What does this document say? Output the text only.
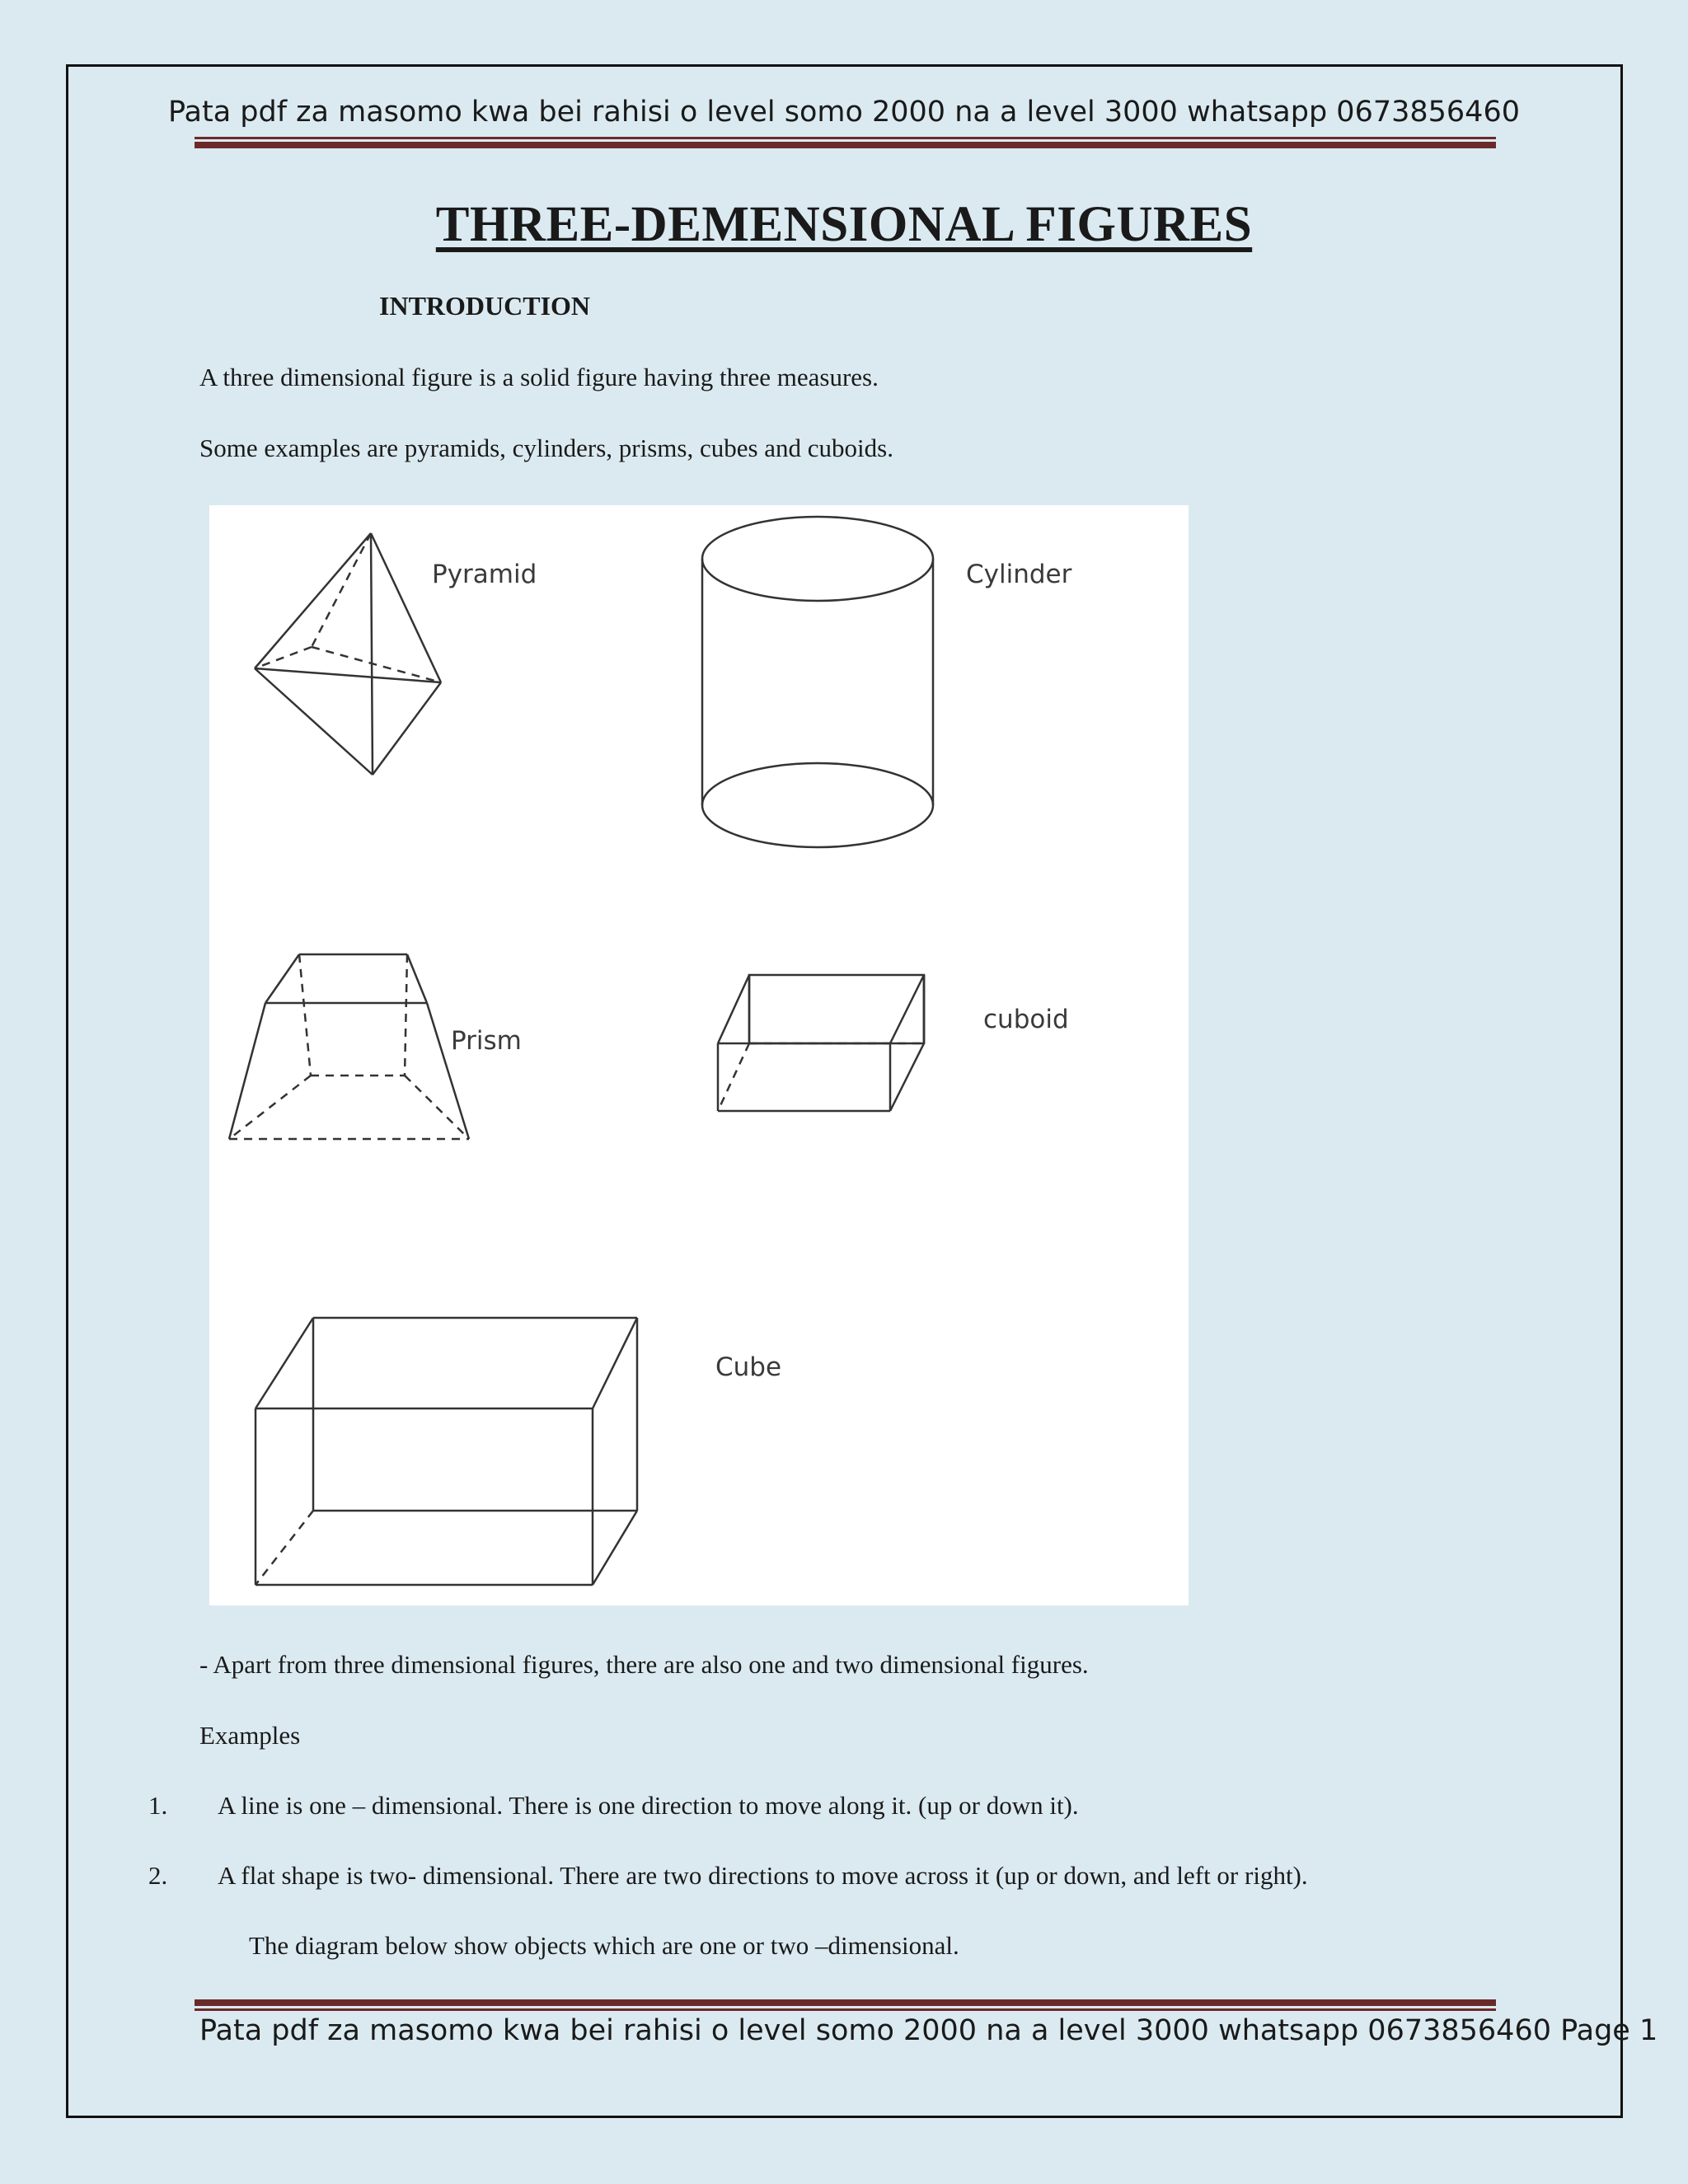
Pata pdf za masomo kwa bei rahisi o level somo 2000 na a level 3000 whatsapp 0673856460
THREE-DEMENSIONAL FIGURES
INTRODUCTION
A three dimensional figure is a solid figure having three measures.
Some examples are pyramids, cylinders, prisms, cubes and cuboids.
Pyramid	Cylinder
Prism
cuboid
Cube
- Apart from three dimensional figures, there are also one and two dimensional figures.
Examples
1. A line is one – dimensional. There is one direction to move along it. (up or down it).
2. A flat shape is two- dimensional. There are two directions to move across it (up or down, and left or right).
The diagram below show objects which are one or two –dimensional.
Pata pdf za masomo kwa bei rahisi o level somo 2000 na a level 3000 whatsapp 0673856460 Page 1
